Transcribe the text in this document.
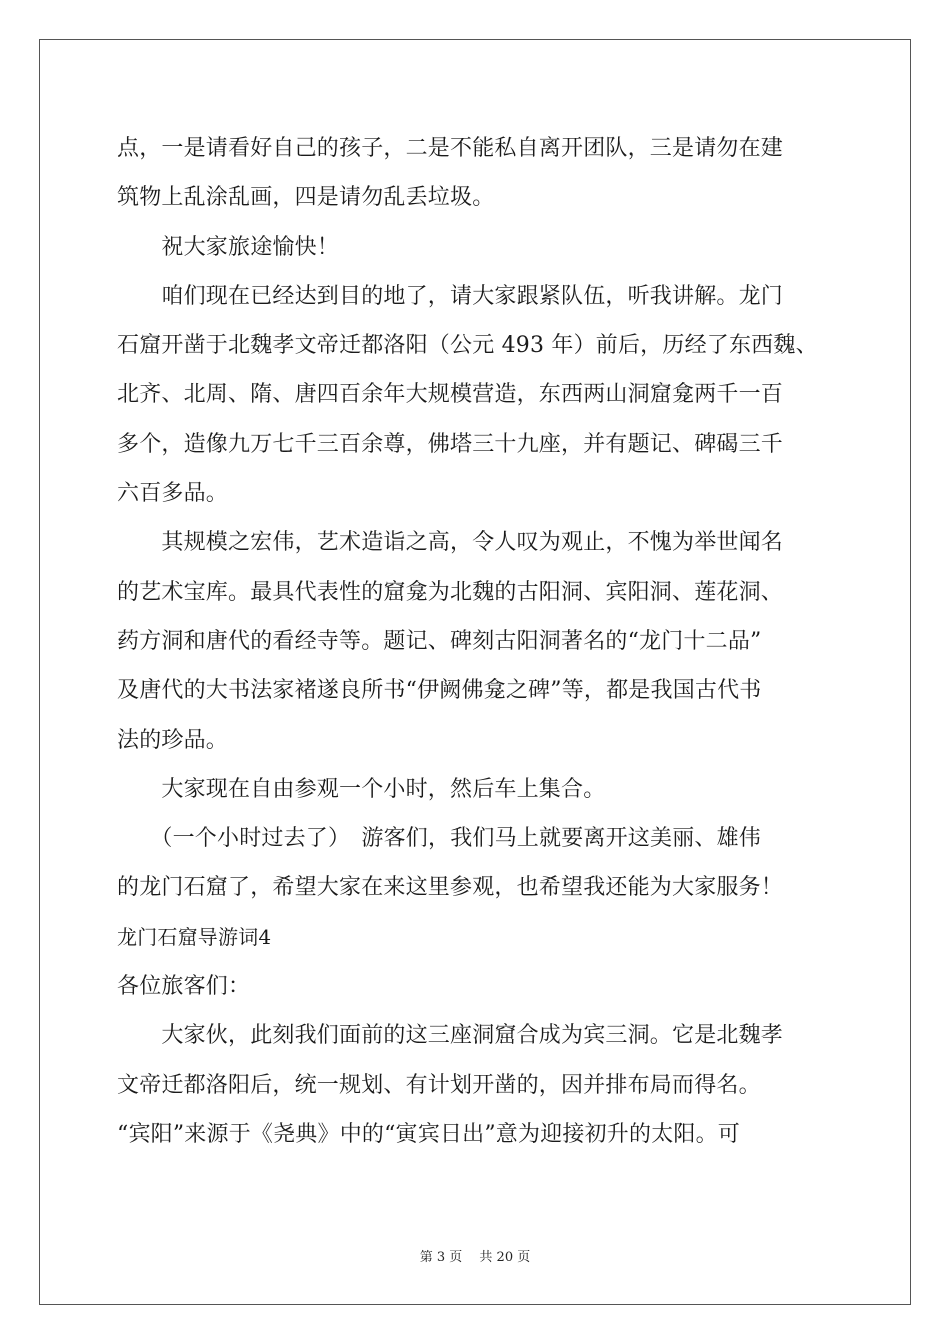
点，一是请看好自己的孩子，二是不能私自离开团队，三是请勿在建
筑物上乱涂乱画，四是请勿乱丢垃圾。
　　祝大家旅途愉快！
　　咱们现在已经达到目的地了，请大家跟紧队伍，听我讲解。龙门
石窟开凿于北魏孝文帝迁都洛阳（公元 493 年）前后，历经了东西魏、
北齐、北周、隋、唐四百余年大规模营造，东西两山洞窟龛两千一百
多个，造像九万七千三百余尊，佛塔三十九座，并有题记、碑碣三千
六百多品。
　　其规模之宏伟，艺术造诣之高，令人叹为观止，不愧为举世闻名
的艺术宝库。最具代表性的窟龛为北魏的古阳洞、宾阳洞、莲花洞、
药方洞和唐代的看经寺等。题记、碑刻古阳洞著名的“龙门十二品”
及唐代的大书法家褚遂良所书“伊阙佛龛之碑”等，都是我国古代书
法的珍品。
　　大家现在自由参观一个小时，然后车上集合。
　　（一个小时过去了）　游客们，我们马上就要离开这美丽、雄伟
的龙门石窟了，希望大家在来这里参观，也希望我还能为大家服务！
龙门石窟导游词4
各位旅客们：
　　大家伙，此刻我们面前的这三座洞窟合成为宾三洞。它是北魏孝
文帝迁都洛阳后，统一规划、有计划开凿的，因并排布局而得名。
“宾阳”来源于《尧典》中的“寅宾日出”意为迎接初升的太阳。可
第 3 页　 共 20 页
